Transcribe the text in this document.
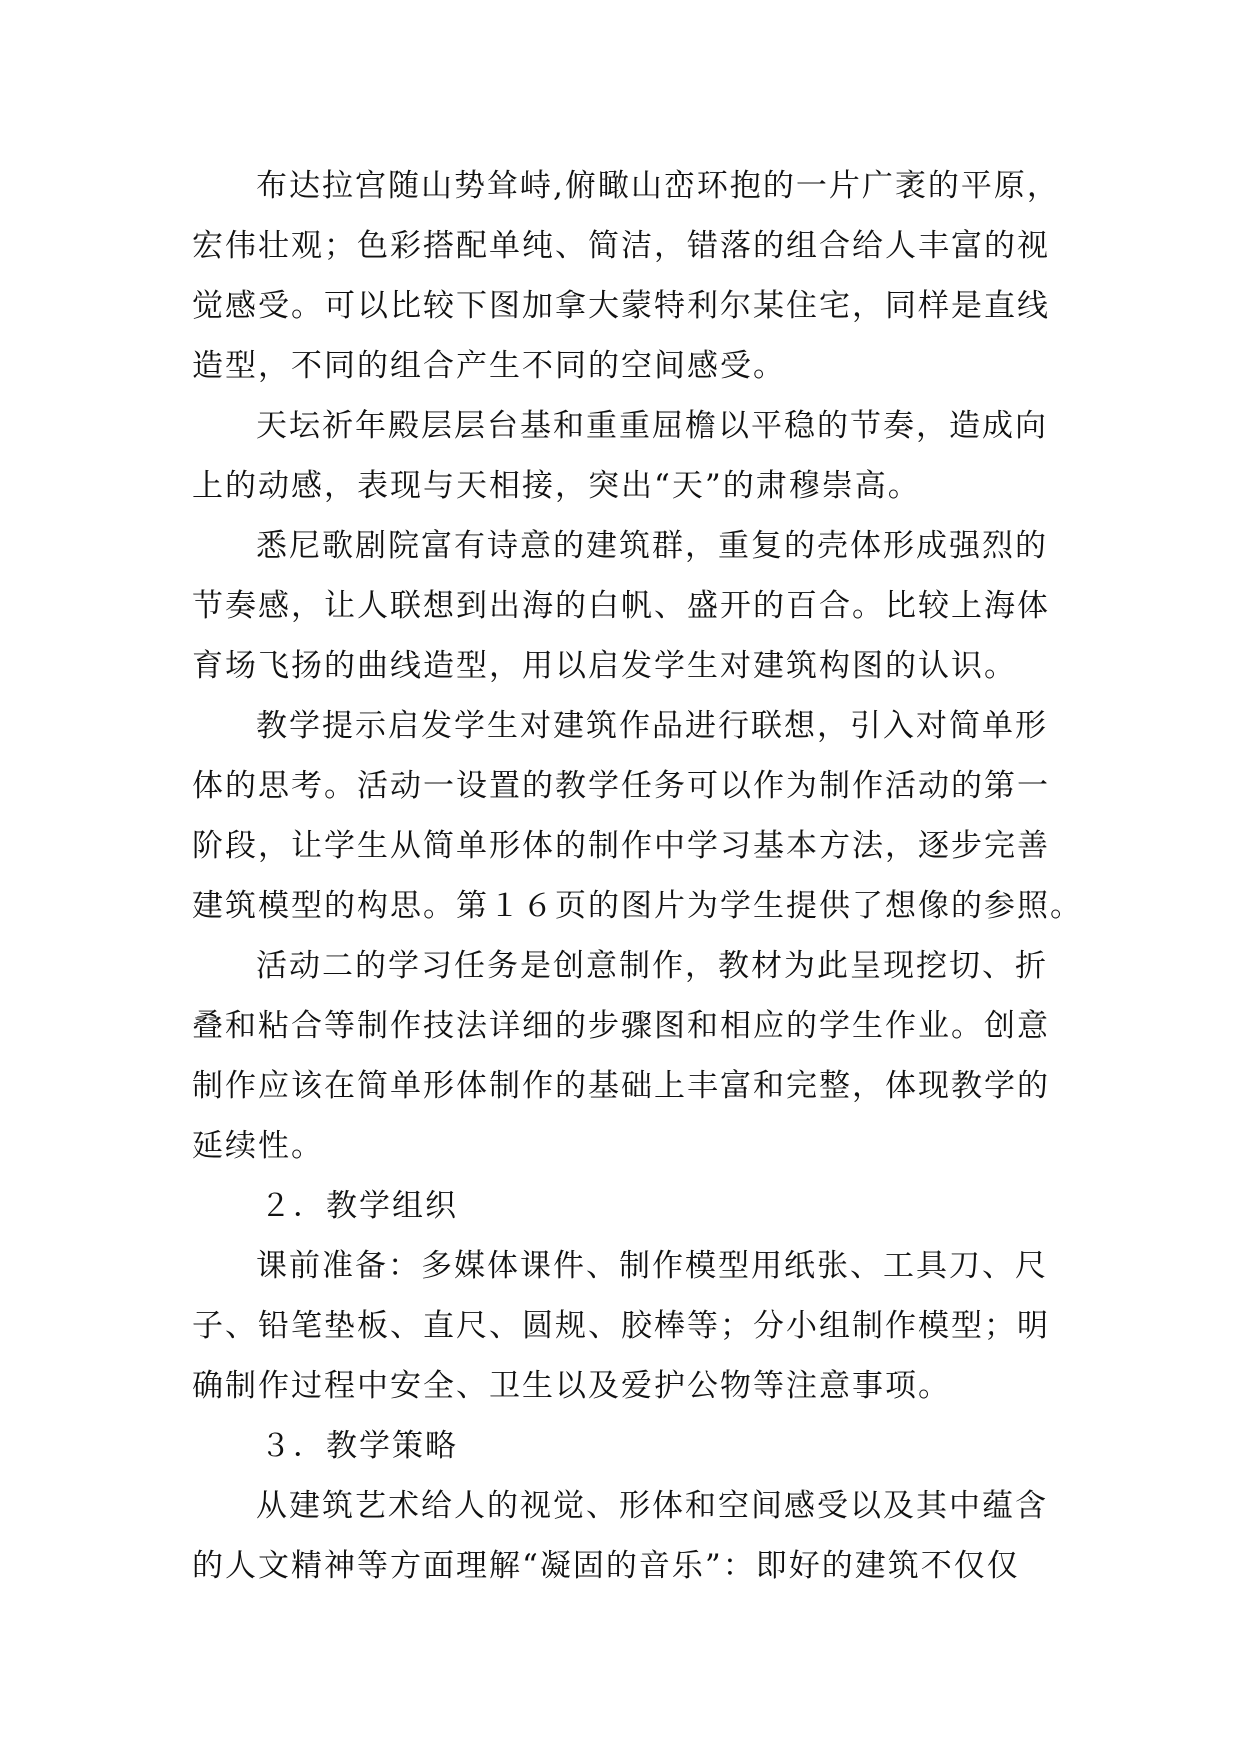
布达拉宫随山势耸峙,俯瞰山峦环抱的一片广袤的平原，

宏伟壮观；色彩搭配单纯、简洁，错落的组合给人丰富的视

觉感受。可以比较下图加拿大蒙特利尔某住宅，同样是直线

造型，不同的组合产生不同的空间感受。

天坛祈年殿层层台基和重重屈檐以平稳的节奏，造成向

上的动感，表现与天相接，突出“天”的肃穆崇高。

悉尼歌剧院富有诗意的建筑群，重复的壳体形成强烈的

节奏感，让人联想到出海的白帆、盛开的百合。比较上海体

育场飞扬的曲线造型，用以启发学生对建筑构图的认识。

教学提示启发学生对建筑作品进行联想，引入对简单形

体的思考。活动一设置的教学任务可以作为制作活动的第一

阶段，让学生从简单形体的制作中学习基本方法，逐步完善

建筑模型的构思。第１６页的图片为学生提供了想像的参照。

活动二的学习任务是创意制作，教材为此呈现挖切、折

叠和粘合等制作技法详细的步骤图和相应的学生作业。创意

制作应该在简单形体制作的基础上丰富和完整，体现教学的

延续性。

２．教学组织

课前准备：多媒体课件、制作模型用纸张、工具刀、尺

子、铅笔垫板、直尺、圆规、胶棒等；分小组制作模型；明

确制作过程中安全、卫生以及爱护公物等注意事项。

３．教学策略

从建筑艺术给人的视觉、形体和空间感受以及其中蕴含

的人文精神等方面理解“凝固的音乐”：即好的建筑不仅仅
